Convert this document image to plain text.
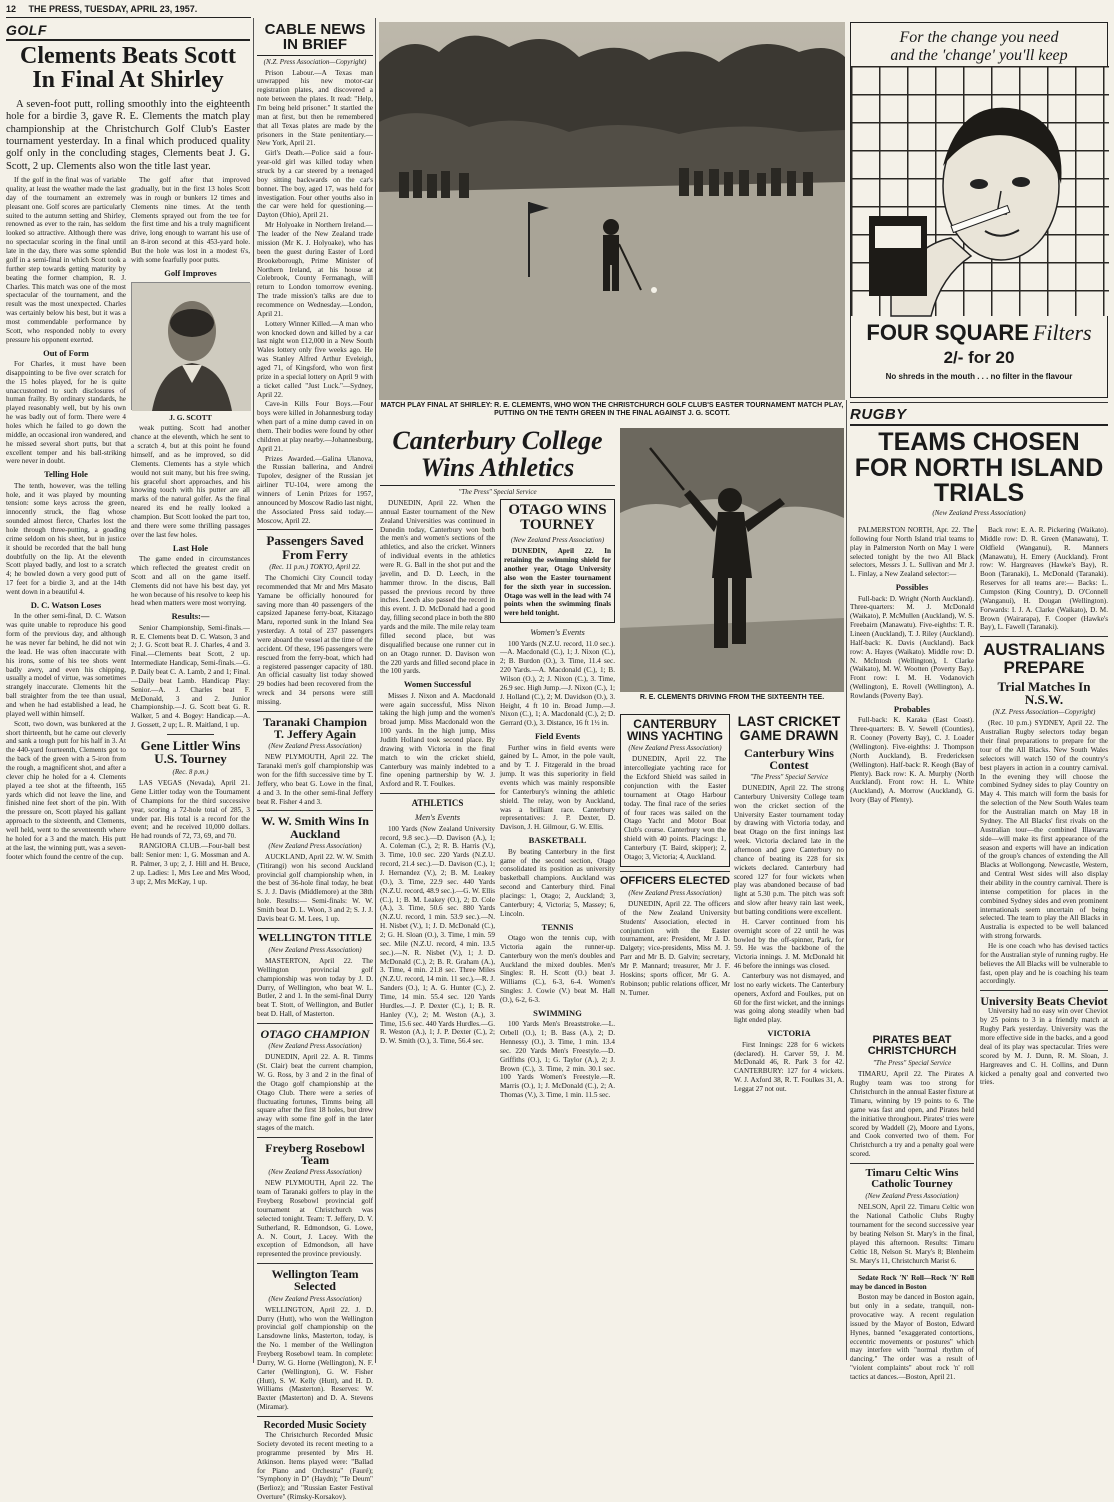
12 THE PRESS, TUESDAY, APRIL 23, 1957.
GOLF
Clements Beats Scott In Final At Shirley
A seven-foot putt, rolling smoothly into the eighteenth hole for a birdie 3, gave R. E. Clements the match play championship at the Christchurch Golf Club's Easter tournament yesterday. In a final which produced quality golf only in the concluding stages, Clements beat J. G. Scott, 2 up. Clements also won the title last year.

If the golf in the final was of variable quality, at least the weather made the last day of the tournament an extremely pleasant one. Golf scores are particularly suited to the autumn setting and Shirley, renowned as ever to the rain, has seldom looked so attractive. Although there was no spectacular scoring in the final until late in the day, there was some splendid golf in a semi-final in which Scott took a further step towards getting maturity by beating the former champion, R. J. Charles. This match was one of the most spectacular of the tournament, and the result was the most unexpected. Charles was certainly below his best, but it was a most commendable performance by Scott, who responded nobly to every pressure his opponent exerted.

Out of Form

For Charles, it must have been disappointing to be five over scratch for the 15 holes played, for he is quite unaccustomed to such disclosures of human frailty. By ordinary standards, he played reasonably well, but by his own he was badly out of form. There were 4 holes which he failed to go down the middle, an occasional iron wandered, and he missed several short putts, but that excellent temper and his ball-striking were never in doubt.

Telling Hole

The tenth, however, was the telling hole, and it was played by mounting tension: some keys across the green, innocently struck, the flag whose sounded almost fierce, Charles lost the hole through three-putting, a goading crime seldom on his sheet, but in justice it should be recorded that the ball hung doubtfully on the lip. At the eleventh Scott played badly, and lost to a scratch 4; he bowled down a very good putt of 17 feet for a birdie 3, and at the 14th went down in a beautiful 4.

D. C. Watson Loses

In the other semi-final, D. C. Watson was quite unable to reproduce his good form of the previous day, and although he was never far behind, he did not win the lead. He was often inaccurate with his irons, some of his tee shots went badly awry, and even his chipping, usually a model of virtue, was sometimes strangely inaccurate. Clements hit the ball straighter from the tee than usual, and when he had established a lead, he played well within himself.

Scott, two down, was bunkered at the short thirteenth, but he came out cleverly and sank a tough putt for his half in 3. At the 440-yard fourteenth, Clements got to the back of the green with a 5-iron from the rough, a magnificent shot, and after a clever chip he holed for a 4. Clements played a tee shot at the fifteenth, 165 yards which did not leave the line, and finished nine feet short of the pin. With the pressure on, Scott played his gallant approach to the sixteenth, and Clements, well held, went to the seventeenth where he holed for a 3 and the match. His putt at the last, the winning putt, was a seven-footer which found the centre of the cup.

The golf after that improved gradually, but in the first 13 holes Scott was in rough or bunkers 12 times and Clements nine times. At the tenth Clements sprayed out from the tee for the first time and his a truly magnificent drive, long enough to warrant his use of an 8-iron second at this 453-yard hole. But the hole was lost in a modest 6's, with some fearfully poor putts.

Golf Improves
J. G. SCOTT

weak putting. Scott had another chance at the eleventh, which he sent to a scratch 4, but at this point he found himself, and as he improved, so did Clements. Clements has a style which would not suit many, but his free swing, his graceful short approaches, and his knowing touch with his putter are all marks of the natural golfer. As the final neared its end he really looked a champion. But Scott looked the part too, and there were some thrilling passages over the last few holes.

Last Hole

The game ended in circumstances which reflected the greatest credit on Scott and all on the game itself. Clements did not have his best day, yet he won because of his resolve to keep his head when matters were most worrying.

Results:—

Senior Championship, Semi-finals.—R. E. Clements beat D. C. Watson, 3 and 2; J. G. Scott beat R. J. Charles, 4 and 3. Final.—Clements beat Scott, 2 up. Intermediate Handicap, Semi-finals.—G. P. Daily beat C. A. Lamb, 2 and 1; Final.—Daily beat Lamb. Handicap Play: Senior.—A. J. Charles beat F. McDonald, 3 and 2. Junior Championship.—J. G. Scott beat G. R. Walker, 5 and 4. Bogey: Handicap.—A. J. Gossett, 2 up; L. R. Maitland, 1 up.

Gene Littler Wins U.S. Tourney
(Rec. 8 p.m.)

LAS VEGAS (Nevada), April 21. Gene Littler today won the Tournament of Champions for the third successive year, scoring a 72-hole total of 285, 3 under par. His total is a record for the event; and he received 10,000 dollars. He had rounds of 72, 73, 69, and 70.

RANGIORA CLUB.—Four-ball best ball: Senior men: 1, G. Mossman and A. R. Palmer, 3 up; 2, J. Hill and H. Bruce, 2 up. Ladies: 1, Mrs Lee and Mrs Wood, 3 up; 2, Mrs McKay, 1 up.

CABLE NEWS IN BRIEF
(N.Z. Press Association—Copyright)

Prison Labour.—A Texas man unwrapped his new motor-car registration plates, and discovered a note between the plates. It read: "Help, I'm being held prisoner." It startled the man at first, but then he remembered that all Texas plates are made by the prisoners in the State penitentiary.—New York, April 21.

Girl's Death.—Police said a four-year-old girl was killed today when struck by a car steered by a teenaged boy sitting backwards on the car's bonnet. The boy, aged 17, was held for investigation. Four other youths also in the car were held for questioning.—Dayton (Ohio), April 21.

Mr Holyoake in Northern Ireland.—The leader of the New Zealand trade mission (Mr K. J. Holyoake), who has been the guest during Easter of Lord Brookeborough, Prime Minister of Northern Ireland, at his house at Colebrook, County Fermanagh, will return to London tomorrow evening. The trade mission's talks are due to recommence on Wednesday.—London, April 21.

Lottery Winner Killed.—A man who won knocked down and killed by a car last night won £12,000 in a New South Wales lottery only five weeks ago. He was Stanley Alfred Arthur Eveleigh, aged 71, of Kingsford, who won first prize in a special lottery on April 9 with a ticket called "Just Luck."—Sydney, April 22.

Cave-in Kills Four Boys.—Four boys were killed in Johannesburg today when part of a mine dump caved in on them. Their bodies were found by other children at play nearby.—Johannesburg, April 21.

Prizes Awarded.—Galina Ulanova, the Russian ballerina, and Andrei Tupolev, designer of the Russian jet airliner TU-104, were among the winners of Lenin Prizes for 1957, announced by Moscow Radio last night, the Associated Press said today.—Moscow, April 22.

Passengers Saved From Ferry
(Rec. 11 p.m.) TOKYO, April 22.

The Chomichi City Council today recommended that Mr and Mrs Masato Yamane be officially honoured for saving more than 40 passengers of the capsized Japanese ferry-boat, Kitazago Maru, reported sunk in the Inland Sea yesterday. A total of 237 passengers were aboard the vessel at the time of the accident. Of these, 196 passengers were rescued from the ferry-boat, which had a registered passenger capacity of 180. An official casualty list today showed 29 bodies had been recovered from the wreck and 34 persons were still missing.

Taranaki Champion T. Jeffery Again
(New Zealand Press Association)

NEW PLYMOUTH, April 22. The Taranaki men's golf championship was won for the fifth successive time by T. Jeffery, who beat G. Lowe in the final, 4 and 3. In the other semi-final Jeffery beat R. Fisher 4 and 3.

W. W. Smith Wins In Auckland
(New Zealand Press Association)

AUCKLAND, April 22. W. W. Smith (Titirangi) won his second Auckland provincial golf championship when, in the best of 36-hole final today, he beat S. J. J. Davis (Middlemore) at the 38th hole. Results:— Semi-finals: W. W. Smith beat D. L. Woon, 3 and 2; S. J. J. Davis beat G. M. Lees, 1 up.

WELLINGTON TITLE
(New Zealand Press Association)

MASTERTON, April 22. The Wellington provincial golf championship was won today by J. D. Durry, of Wellington, who beat W. L. Butler, 2 and 1. In the semi-final Durry beat T. Stott, of Wellington, and Butler beat D. Hall, of Masterton.

OTAGO CHAMPION
(New Zealand Press Association)

DUNEDIN, April 22. A. R. Timms (St. Clair) beat the current champion, W. G. Ross, by 3 and 2 in the final of the Otago golf championship at the Otago Club. There were a series of fluctuating fortunes, Timms being all square after the first 18 holes, but drew away with some fine golf in the later stages of the match.

Freyberg Rosebowl Team
(New Zealand Press Association)

NEW PLYMOUTH, April 22. The team of Taranaki golfers to play in the Freyberg Rosebowl provincial golf tournament at Christchurch was selected tonight. Team: T. Jeffery, D. V. Sutherland, R. Edmondson, G. Lowe, A. N. Court, J. Lacey. With the exception of Edmondson, all have represented the province previously.

Wellington Team Selected
(New Zealand Press Association)

WELLINGTON, April 22. J. D. Durry (Hutt), who won the Wellington provincial golf championship on the Lansdowne links, Masterton, today, is the No. 1 member of the Wellington Freyberg Rosebowl team. In complete: Durry, W. G. Horne (Wellington), N. F. Carter (Wellington), G. W. Fisher (Hutt), S. W. Kelly (Hutt), and H. D. Williams (Masterton). Reserves: W. Baxter (Masterton) and D. A. Stevens (Miramar).

Recorded Music Society

The Christchurch Recorded Music Society devoted its recent meeting to a programme presented by Mrs H. Atkinson. Items played were: "Ballad for Piano and Orchestra" (Fauré); "Symphony in D" (Haydn); "Te Deum" (Berlioz); and "Russian Easter Festival Overture" (Rimsky-Korsakov).

MATCH PLAY FINAL AT SHIRLEY: R. E. CLEMENTS, WHO WON THE CHRISTCHURCH GOLF CLUB'S EASTER TOURNAMENT MATCH PLAY, PUTTING ON THE TENTH GREEN IN THE FINAL AGAINST J. G. SCOTT.
Canterbury College Wins Athletics
"The Press" Special Service

DUNEDIN, April 22. When the annual Easter tournament of the New Zealand Universities was continued in Dunedin today, Canterbury won both the men's and women's sections of the athletics, and also the cricket. Winners of individual events in the athletics were R. G. Ball in the shot put and the javelin, and D. D. Leech, in the hammer throw. In the discus, Ball passed the previous record by three inches. Leech also passed the record in this event. J. D. McDonald had a good day, filling second place in both the 880 yards and the mile. The mile relay team filled second place, but was disqualified because one runner cut in on an Otago runner. D. Davison won the 220 yards and filled second place in the 100 yards.

Women Successful

Misses J. Nixon and A. Macdonald were again successful, Miss Nixon taking the high jump and the women's broad jump. Miss Macdonald won the 100 yards. In the high jump, Miss Judith Holland took second place. By drawing with Victoria in the final match to win the cricket shield, Canterbury was mainly indebted to a fine opening partnership by W. J. Axford and R. T. Foulkes.

ATHLETICS
Men's Events

100 Yards (New Zealand University record, 9.8 sec.).—D. Davison (A.), 1; A. Coleman (C.), 2; R. B. Harris (V.), 3. Time, 10.0 sec. 220 Yards (N.Z.U. record, 21.4 sec.).—D. Davison (C.), 1; J. Hernandez (V.), 2; B. M. Leakey (O.), 3. Time, 22.9 sec. 440 Yards (N.Z.U. record, 48.9 sec.).—G. W. Ellis (C.), 1; B. M. Leakey (O.), 2; D. Cole (A.), 3. Time, 50.6 sec. 880 Yards (N.Z.U. record, 1 min. 53.9 sec.).—N. H. Nisbet (V.), 1; J. D. McDonald (C.), 2; G. H. Sloan (O.), 3. Time, 1 min. 59 sec. Mile (N.Z.U. record, 4 min. 13.5 sec.).—N. R. Nisbet (V.), 1; J. D. McDonald (C.), 2; B. R. Graham (A.), 3. Time, 4 min. 21.8 sec. Three Miles (N.Z.U. record, 14 min. 11 sec.).—R. J. Sanders (O.), 1; A. G. Hunter (C.), 2. Time, 14 min. 55.4 sec. 120 Yards Hurdles.—J. P. Dexter (C.), 1; B. R. Hanley (V.), 2; M. Weston (A.), 3. Time, 15.6 sec. 440 Yards Hurdles.—G. R. Weston (A.), 1; J. P. Dexter (C.), 2; D. W. Smith (O.), 3. Time, 56.4 sec.

OTAGO WINS TOURNEY
(New Zealand Press Association)

DUNEDIN, April 22. In retaining the swimming shield for another year, Otago University also won the Easter tournament for the sixth year in succession. Otago was well in the lead with 74 points when the swimming finals were held tonight.

Women's Events

100 Yards (N.Z.U. record, 11.0 sec.).—A. Macdonald (C.), 1; J. Nixon (C.), 2; B. Burdon (O.), 3. Time, 11.4 sec. 220 Yards.—A. Macdonald (C.), 1; B. Wilson (O.), 2; J. Nixon (C.), 3. Time, 26.9 sec. High Jump.—J. Nixon (C.), 1; J. Holland (C.), 2; M. Davidson (O.), 3. Height, 4 ft 10 in. Broad Jump.—J. Nixon (C.), 1; A. Macdonald (C.), 2; D. Gerrard (O.), 3. Distance, 16 ft 1½ in.

Field Events

Further wins in field events were gained by L. Amor, in the pole vault, and by T. J. Fitzgerald in the broad jump. It was this superiority in field events which was mainly responsible for Canterbury's winning the athletic shield. The relay, won by Auckland, was a brilliant race. Canterbury representatives: J. P. Dexter, D. Davison, J. H. Gilmour, G. W. Ellis.

BASKETBALL

By beating Canterbury in the first game of the second section, Otago consolidated its position as university basketball champions. Auckland was second and Canterbury third. Final placings: 1, Otago; 2, Auckland; 3, Canterbury; 4, Victoria; 5, Massey; 6, Lincoln.

TENNIS

Otago won the tennis cup, with Victoria again the runner-up. Canterbury won the men's doubles and Auckland the mixed doubles. Men's Singles: R. H. Scott (O.) beat J. Williams (C.), 6-3, 6-4. Women's Singles: J. Cowie (V.) beat M. Hall (O.), 6-2, 6-3.

SWIMMING

100 Yards Men's Breaststroke.—L. Orbell (O.), 1; B. Bass (A.), 2; D. Hennessy (O.), 3. Time, 1 min. 13.4 sec. 220 Yards Men's Freestyle.—D. Griffiths (O.), 1; G. Taylor (A.), 2; J. Brown (C.), 3. Time, 2 min. 30.1 sec. 100 Yards Women's Freestyle.—R. Marris (O.), 1; J. McDonald (C.), 2; A. Thomas (V.), 3. Time, 1 min. 11.5 sec.

R. E. CLEMENTS DRIVING FROM THE SIXTEENTH TEE.
CANTERBURY WINS YACHTING
(New Zealand Press Association)

DUNEDIN, April 22. The intercollegiate yachting race for the Eckford Shield was sailed in conjunction with the Easter tournament at Otago Harbour today. The final race of the series of four races was sailed on the Otago Yacht and Motor Boat Club's course. Canterbury won the shield with 40 points. Placings: 1, Canterbury (T. Baird, skipper); 2, Otago; 3, Victoria; 4, Auckland.

OFFICERS ELECTED
(New Zealand Press Association)

DUNEDIN, April 22. The officers of the New Zealand University Students' Association, elected in conjunction with the Easter tournament, are: President, Mr J. D. Dalgety; vice-presidents, Miss M. J. Parr and Mr B. D. Galvin; secretary, Mr P. Mannard; treasurer, Mr J. F. Hoskins; sports officer, Mr G. A. Robinson; public relations officer, Mr N. Turner.

LAST CRICKET GAME DRAWN
Canterbury Wins Contest
"The Press" Special Service

DUNEDIN, April 22. The strong Canterbury University College team won the cricket section of the University Easter tournament today by drawing with Victoria today, and beat Otago on the first innings last week. Victoria declared late in the afternoon and gave Canterbury no chance of beating its 228 for six wickets declared. Canterbury had scored 127 for four wickets when play was abandoned because of bad light at 5.30 p.m. The pitch was soft and slow after heavy rain last week, but batting conditions were excellent.

H. Carver continued from his overnight score of 22 until he was bowled by the off-spinner, Park, for 59. He was the backbone of the Victoria innings. J. M. McDonald hit 46 before the innings was closed.

Canterbury was not dismayed, and lost no early wickets. The Canterbury openers, Axford and Foulkes, put on 60 for the first wicket, and the innings was going along steadily when bad light ended play.

VICTORIA

First Innings: 228 for 6 wickets (declared). H. Carver 59, J. M. McDonald 46, R. Park 3 for 42. CANTERBURY: 127 for 4 wickets. W. J. Axford 38, R. T. Foulkes 31, A. Leggat 27 not out.

PIRATES BEAT CHRISTCHURCH
"The Press" Special Service

TIMARU, April 22. The Pirates A Rugby team was too strong for Christchurch in the annual Easter fixture at Timaru, winning by 19 points to 6. The game was fast and open, and Pirates held the initiative throughout. Pirates' tries were scored by Waddell (2), Moore and Lyons, and Cook converted two of them. For Christchurch a try and a penalty goal were scored.

Timaru Celtic Wins Catholic Tourney
(New Zealand Press Association)

NELSON, April 22. Timaru Celtic won the National Catholic Clubs Rugby tournament for the second successive year by beating Nelson St. Mary's in the final, played this afternoon. Results: Timaru Celtic 18, Nelson St. Mary's 8; Blenheim St. Mary's 11, Christchurch Marist 6.

Sedate Rock 'N' Roll—Rock 'N' Roll may be danced in Boston

Boston may be danced in Boston again, but only in a sedate, tranquil, non-provocative way. A recent regulation issued by the Mayor of Boston, Edward Hynes, banned "exaggerated contortions, eccentric movements or postures" which may interfere with "normal rhythm of dancing." The order was a result of "violent complaints" about rock 'n' roll tactics at dances.—Boston, April 21.

For the change you need
and the 'change' you'll keep
FOUR SQUARE Filters
2/- for 20
No shreds in the mouth . . . no filter in the flavour
RUGBY
TEAMS CHOSEN FOR NORTH ISLAND TRIALS
(New Zealand Press Association)

PALMERSTON NORTH, Apr. 22. The following four North Island trial teams to play in Palmerston North on May 1 were selected tonight by the two All Black selectors, Messrs J. L. Sullivan and Mr J. L. Finlay, a New Zealand selector:—

Possibles

Full-back: D. Wright (North Auckland). Three-quarters: M. J. McDonald (Waikato), P. McMullen (Auckland), W. S. Freebairn (Manawatu). Five-eighths: T. R. Lineen (Auckland), T. J. Riley (Auckland). Half-back: K. Davis (Auckland). Back row: A. Hayes (Waikato). Middle row: D. N. McIntosh (Wellington), I. Clarke (Waikato), M. W. Wootten (Poverty Bay). Front row: I. M. H. Vodanovich (Wellington), E. Rovell (Wellington), A. Rowlands (Poverty Bay).

Probables

Full-back: K. Karaka (East Coast). Three-quarters: B. V. Sewell (Counties), R. Cooney (Poverty Bay), C. J. Loader (Wellington). Five-eighths: J. Thompson (North Auckland), B. Fredericksen (Wellington). Half-back: R. Keogh (Bay of Plenty). Back row: K. A. Murphy (North Auckland). Front row: H. L. White (Auckland), A. Morrow (Auckland), G. Ivory (Bay of Plenty).

Back row: E. A. R. Pickering (Waikato). Middle row: D. R. Green (Manawatu), T. Oldfield (Wanganui), R. Manners (Manawatu), H. Emery (Auckland). Front row: W. Hargreaves (Hawke's Bay), R. Boon (Taranaki), L. McDonald (Taranaki). Reserves for all teams are:— Backs: L. Cumpston (King Country), D. O'Connell (Wanganui), H. Dougan (Wellington). Forwards: I. J. A. Clarke (Waikato), D. M. Brown (Wairarapa), F. Cooper (Hawke's Bay), L. Fawell (Taranaki).

AUSTRALIANS PREPARE
Trial Matches In N.S.W.
(N.Z. Press Association—Copyright)

(Rec. 10 p.m.) SYDNEY, April 22. The Australian Rugby selectors today began their final preparations to prepare for the tour of the All Blacks. New South Wales selectors will watch 150 of the country's best players in action in a country carnival. In the evening they will choose the combined Sydney sides to play Country on May 4. This match will form the basis for the selection of the New South Wales team for the Australian match on May 18 in Sydney. The All Blacks' first rivals on the Australian tour—the combined Illawarra side—will make its first appearance of the season and experts will have an indication of the group's chances of extending the All Blacks at Wollongong. Newcastle, Western, and Central West sides will also display their ability in the country carnival. There is intense competition for places in the combined Sydney sides and even prominent internationals seem uncertain of being selected. The team to play the All Blacks in Australia is expected to be well balanced with strong forwards.

He is one coach who has devised tactics for the Australian style of running rugby. He believes the All Blacks will be vulnerable to fast, open play and he is coaching his team accordingly.

University Beats Cheviot

University had no easy win over Cheviot by 25 points to 3 in a friendly match at Rugby Park yesterday. University was the more effective side in the backs, and a good deal of its play was spectacular. Tries were scored by M. J. Dunn, R. M. Sloan, J. Hargreaves and C. H. Collins, and Dunn kicked a penalty goal and converted two tries.
